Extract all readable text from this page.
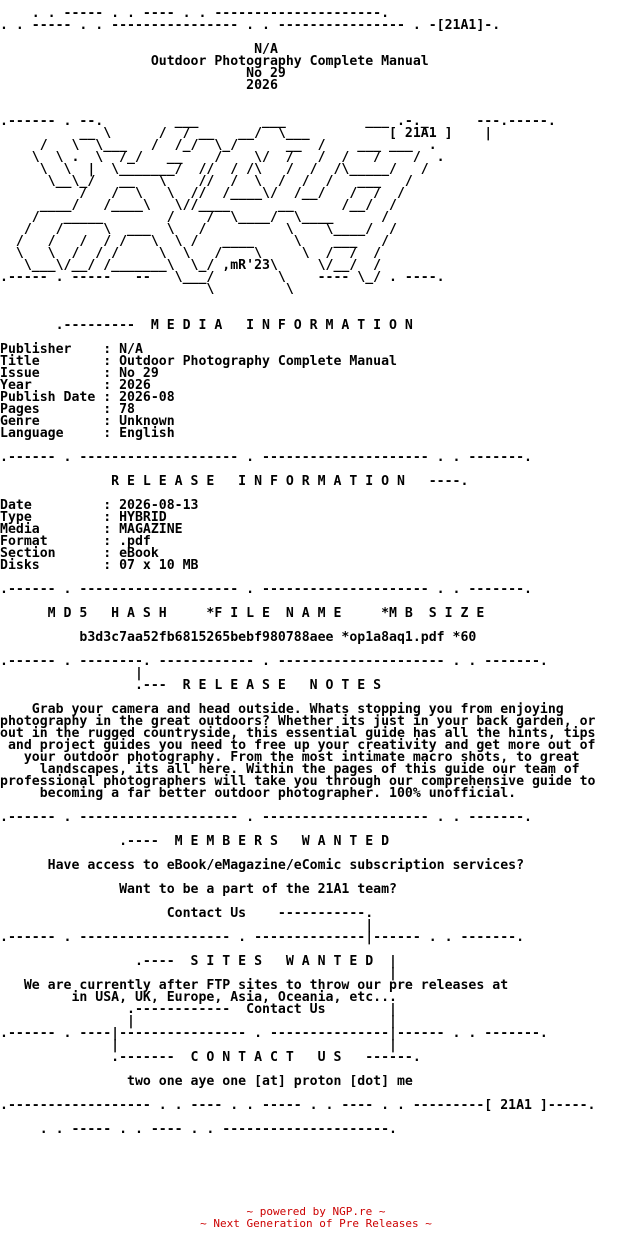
. . ----- . . ---- . . ---------------------.
. . ----- . . ---------------- . . ---------------- . -[21A1]-.
N/A
Outdoor Photography Complete Manual
No 29
2026
.------ . --.         ___        ___          ___ .-._      ---.-----.
__ \      /  / __   __/  \___          [ 21A1 ]    |
/   \  \___   /  /_/  \_/      __  /    ___ ___  .
\  \ .  \  /_/   __    /    \/  /   /  /   /    /  .
\  \  |  \_______/  //  / /\   /  /  /\_____/   /
\__\_/   __   \    //  /  \  /  /  /   ___   /
/   /  \   \  //  /____\/  /__/   /  /  /
____/   /____\   \//____      __      /__/  /
/   _____        /    /  \____/  \____      /
/   /     \  ___  \   /          \    \____/  /
/   /   /  / /   \  \ /   ____     \    ___   /
\   \  /  / /     \  \   /    \     \  /  /  /
\___\/__/ /_______\  \_/ ,mR'23\     \/__/  /
.----- . -----   --   \___/        \    ---- \_/ . ----.
\         \
.---------  M E D I A   I N F O R M A T I O N
Publisher    : N/A
Title        : Outdoor Photography Complete Manual
Issue        : No 29
Year         : 2026
Publish Date : 2026-08
Pages        : 78
Genre        : Unknown
Language     : English
.------ . -------------------- . --------------------- . . -------.
R E L E A S E   I N F O R M A T I O N   ----.
Date         : 2026-08-13
Type         : HYBRID
Media        : MAGAZINE
Format       : .pdf
Section      : eBook
Disks        : 07 x 10 MB
.------ . -------------------- . --------------------- . . -------.
M D 5   H A S H     *F I L E  N A M E     *M B  S I Z E
b3d3c7aa52fb6815265bebf980788aee *op1a8aq1.pdf *60
.------ . --------. ------------ . --------------------- . . -------.
|
.---  R E L E A S E   N O T E S
Grab your camera and head outside. Whats stopping you from enjoying
photography in the great outdoors? Whether its just in your back garden, or
out in the rugged countryside, this essential guide has all the hints, tips
and project guides you need to free up your creativity and get more out of
your outdoor photography. From the most intimate macro shots, to great
landscapes, its all here. Within the pages of this guide our team of
professional photographers will take you through our comprehensive guide to
becoming a far better outdoor photographer. 100% unofficial.
.------ . -------------------- . --------------------- . . -------.
.----  M E M B E R S   W A N T E D
Have access to eBook/eMagazine/eComic subscription services?
Want to be a part of the 21A1 team?
Contact Us    -----------.
|
.------ . ------------------- . --------------|------ . . -------.
.----  S I T E S   W A N T E D  |
|
We are currently after FTP sites to throw our pre releases at
in USA, UK, Europe, Asia, Oceania, etc...
.------------  Contact Us        |
|                                |
.------ . ----|---------------- . ---------------|------ . . -------.
|                                  |
.-------  C O N T A C T   U S   ------.
two one aye one [at] proton [dot] me
.------------------ . . ---- . . ----- . . ---- . . ---------[ 21A1 ]-----.
. . ----- . . ---- . . ---------------------.
~ powered by NGP.re ~
~ Next Generation of Pre Releases ~
